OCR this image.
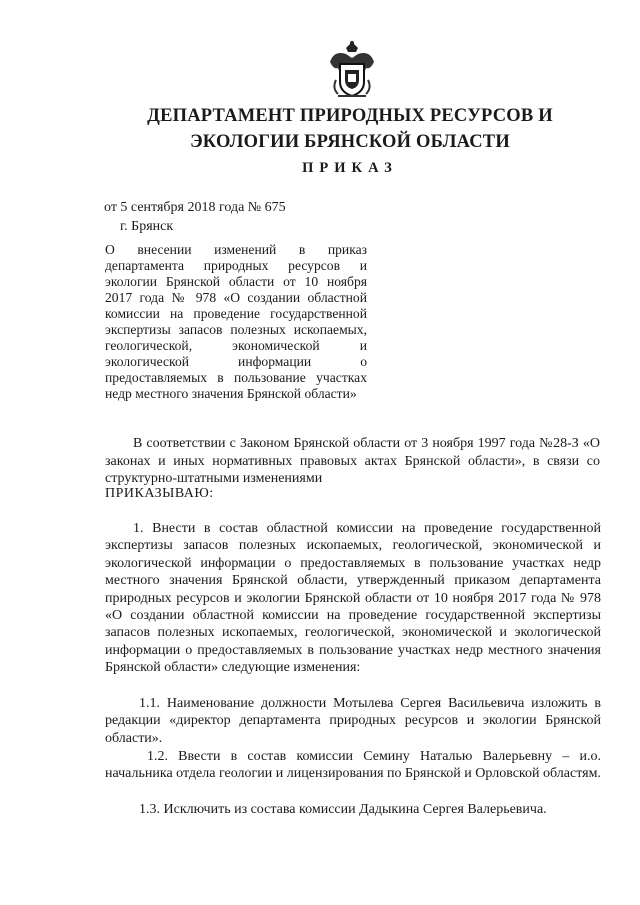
ДЕПАРТАМЕНТ ПРИРОДНЫХ РЕСУРСОВ И ЭКОЛОГИИ БРЯНСКОЙ ОБЛАСТИ
ПРИКАЗ
от 5 сентября 2018 года № 675
г. Брянск
О внесении изменений в приказ департамента природных ресурсов и экологии Брянской области от 10 ноября 2017 года № 978 «О создании областной комиссии на проведение государственной экспертизы запасов полезных ископаемых, геологической, экономической и экологической информации о предоставляемых в пользование участках недр местного значения Брянской области»

В соответствии с Законом Брянской области от 3 ноября 1997 года №28-З «О законах и иных нормативных правовых актах Брянской области», в связи со структурно-штатными изменениями

ПРИКАЗЫВАЮ:

1. Внести в состав областной комиссии на проведение государственной экспертизы запасов полезных ископаемых, геологической, экономической и экологической информации о предоставляемых в пользование участках недр местного значения Брянской области, утвержденный приказом департамента природных ресурсов и экологии Брянской области от 10 ноября 2017 года № 978 «О создании областной комиссии на проведение государственной экспертизы запасов полезных ископаемых, геологической, экономической и экологической информации о предоставляемых в пользование участках недр местного значения Брянской области» следующие изменения:

1.1. Наименование должности Мотылева Сергея Васильевича изложить в редакции «директор департамента природных ресурсов и экологии Брянской области».

1.2. Ввести в состав комиссии Семину Наталью Валерьевну – и.о. начальника отдела геологии и лицензирования по Брянской и Орловской областям.

1.3. Исключить из состава комиссии Дадыкина Сергея Валерьевича.
